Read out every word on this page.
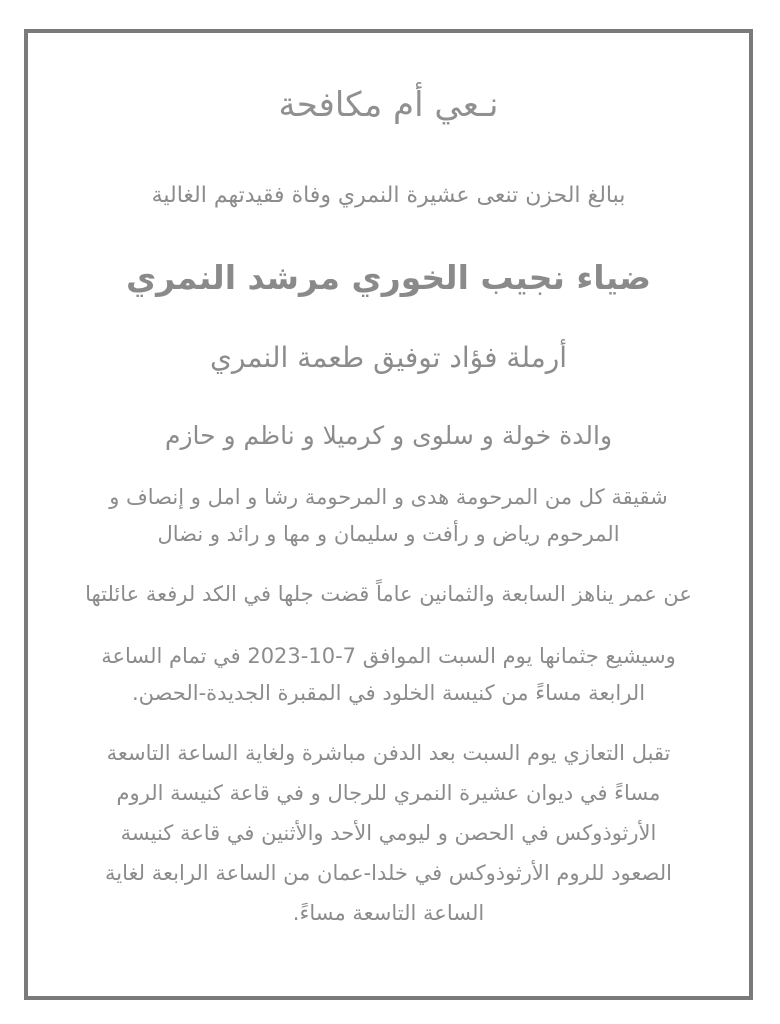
نـعي أم مكافحة
ببالغ الحزن تنعى عشيرة النمري وفاة فقيدتهم الغالية
ضياء نجيب الخوري مرشد النمري
أرملة فؤاد توفيق طعمة النمري
والدة خولة و سلوى و كرميلا و ناظم و حازم
شقيقة كل من المرحومة هدى و المرحومة رشا و امل و إنصاف و
المرحوم رياض و رأفت و سليمان و مها و رائد و نضال
عن عمر يناهز السابعة والثمانين عاماً قضت جلها في الكد لرفعة عائلتها
وسيشيع جثمانها يوم السبت الموافق 7-10-2023 في تمام الساعة
الرابعة مساءً من كنيسة الخلود في المقبرة الجديدة-الحصن.
تقبل التعازي يوم السبت بعد الدفن مباشرة ولغاية الساعة التاسعة
مساءً في ديوان عشيرة النمري للرجال و في قاعة كنيسة الروم
الأرثوذوكس في الحصن و ليومي الأحد والأثنين في قاعة كنيسة
الصعود للروم الأرثوذوكس في خلدا-عمان من الساعة الرابعة لغاية
الساعة التاسعة مساءً.
